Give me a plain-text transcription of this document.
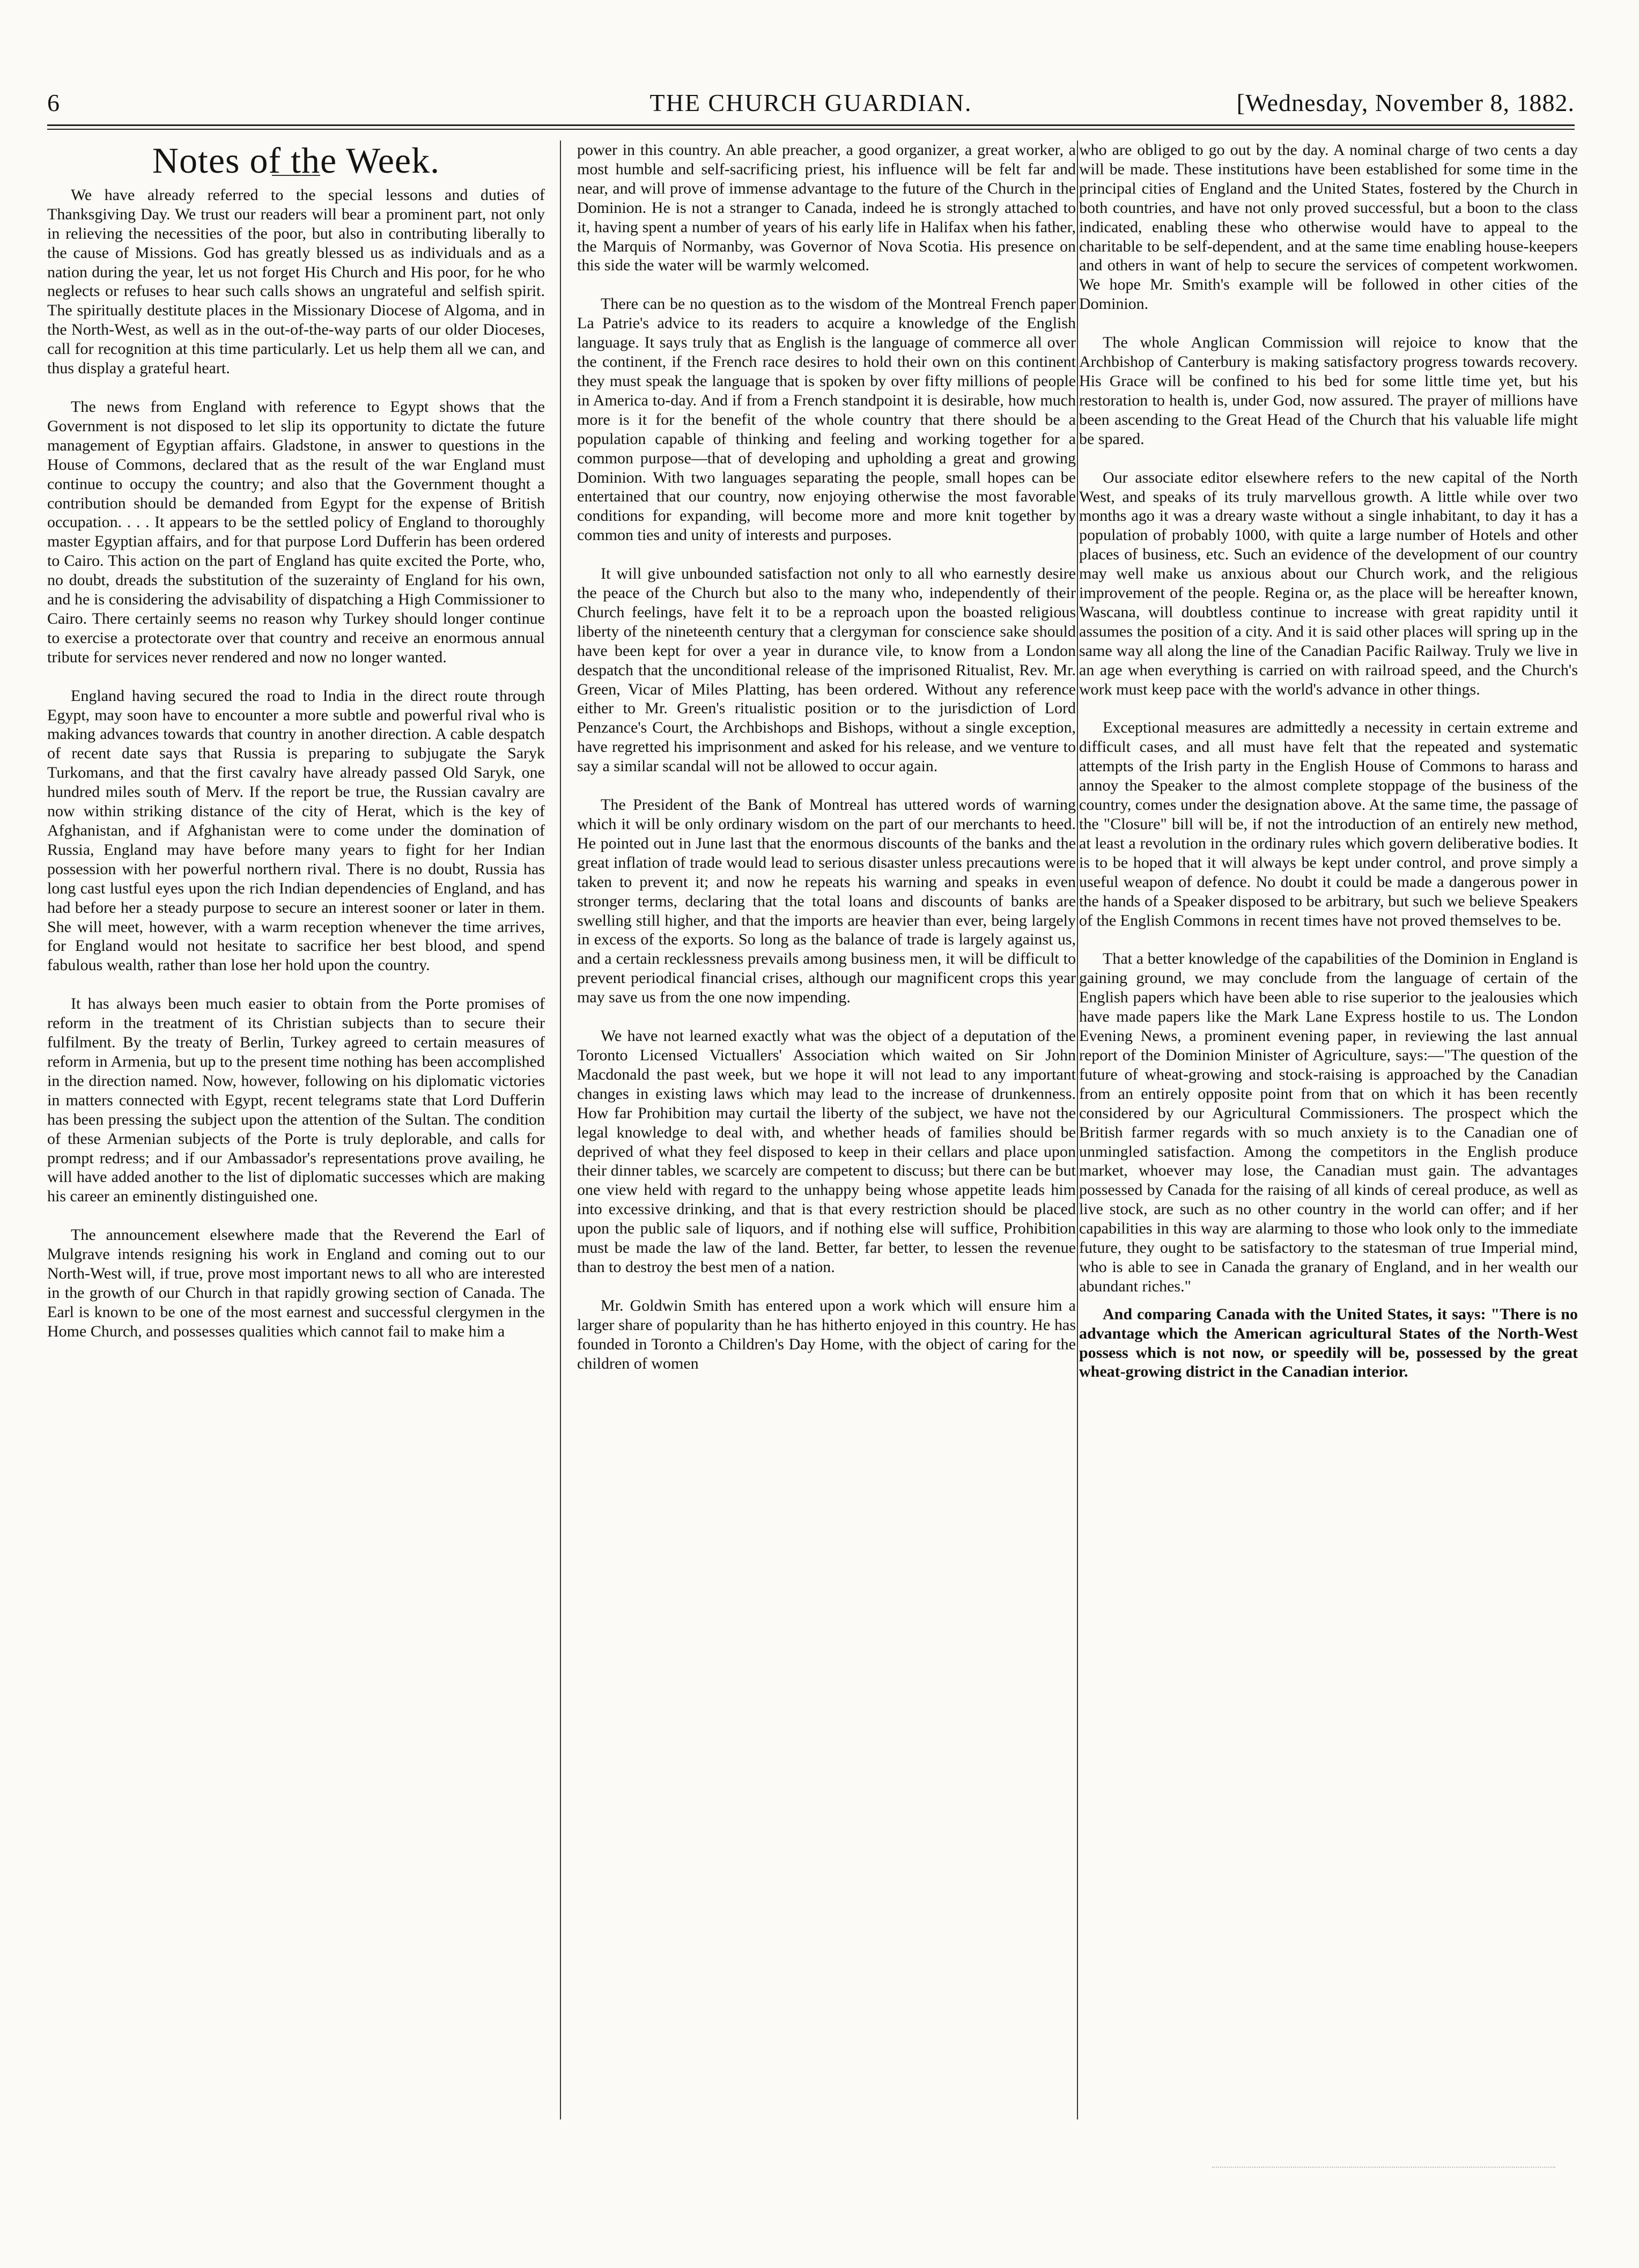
6	THE CHURCH GUARDIAN.	[Wednesday, November 8, 1882.
Notes of the Week.

We have already referred to the special lessons and duties of Thanksgiving Day. We trust our readers will bear a prominent part, not only in relieving the necessities of the poor, but also in contributing liberally to the cause of Missions. God has greatly blessed us as individuals and as a nation during the year, let us not forget His Church and His poor, for he who neglects or refuses to hear such calls shows an ungrateful and selfish spirit. The spiritually destitute places in the Missionary Diocese of Algoma, and in the North-West, as well as in the out-of-the-way parts of our older Dioceses, call for recognition at this time particularly. Let us help them all we can, and thus display a grateful heart.

The news from England with reference to Egypt shows that the Government is not disposed to let slip its opportunity to dictate the future management of Egyptian affairs. Gladstone, in answer to questions in the House of Commons, declared that as the result of the war England must continue to occupy the country; and also that the Government thought a contribution should be demanded from Egypt for the expense of British occupation. . . . It appears to be the settled policy of England to thoroughly master Egyptian affairs, and for that purpose Lord Dufferin has been ordered to Cairo. This action on the part of England has quite excited the Porte, who, no doubt, dreads the substitution of the suzerainty of England for his own, and he is considering the advisability of dispatching a High Commissioner to Cairo. There certainly seems no reason why Turkey should longer continue to exercise a protectorate over that country and receive an enormous annual tribute for services never rendered and now no longer wanted.

England having secured the road to India in the direct route through Egypt, may soon have to encounter a more subtle and powerful rival who is making advances towards that country in another direction. A cable despatch of recent date says that Russia is preparing to subjugate the Saryk Turkomans, and that the first cavalry have already passed Old Saryk, one hundred miles south of Merv. If the report be true, the Russian cavalry are now within striking distance of the city of Herat, which is the key of Afghanistan, and if Afghanistan were to come under the domination of Russia, England may have before many years to fight for her Indian possession with her powerful northern rival. There is no doubt, Russia has long cast lustful eyes upon the rich Indian dependencies of England, and has had before her a steady purpose to secure an interest sooner or later in them. She will meet, however, with a warm reception whenever the time arrives, for England would not hesitate to sacrifice her best blood, and spend fabulous wealth, rather than lose her hold upon the country.

It has always been much easier to obtain from the Porte promises of reform in the treatment of its Christian subjects than to secure their fulfilment. By the treaty of Berlin, Turkey agreed to certain measures of reform in Armenia, but up to the present time nothing has been accomplished in the direction named. Now, however, following on his diplomatic victories in matters connected with Egypt, recent telegrams state that Lord Dufferin has been pressing the subject upon the attention of the Sultan. The condition of these Armenian subjects of the Porte is truly deplorable, and calls for prompt redress; and if our Ambassador's representations prove availing, he will have added another to the list of diplomatic successes which are making his career an eminently distinguished one.

The announcement elsewhere made that the Reverend the Earl of Mulgrave intends resigning his work in England and coming out to our North-West will, if true, prove most important news to all who are interested in the growth of our Church in that rapidly growing section of Canada. The Earl is known to be one of the most earnest and successful clergymen in the Home Church, and possesses qualities which cannot fail to make him a

power in this country. An able preacher, a good organizer, a great worker, a most humble and self-sacrificing priest, his influence will be felt far and near, and will prove of immense advantage to the future of the Church in the Dominion. He is not a stranger to Canada, indeed he is strongly attached to it, having spent a number of years of his early life in Halifax when his father, the Marquis of Normanby, was Governor of Nova Scotia. His presence on this side the water will be warmly welcomed.

There can be no question as to the wisdom of the Montreal French paper La Patrie's advice to its readers to acquire a knowledge of the English language. It says truly that as English is the language of commerce all over the continent, if the French race desires to hold their own on this continent they must speak the language that is spoken by over fifty millions of people in America to-day. And if from a French standpoint it is desirable, how much more is it for the benefit of the whole country that there should be a population capable of thinking and feeling and working together for a common purpose—that of developing and upholding a great and growing Dominion. With two languages separating the people, small hopes can be entertained that our country, now enjoying otherwise the most favorable conditions for expanding, will become more and more knit together by common ties and unity of interests and purposes.

It will give unbounded satisfaction not only to all who earnestly desire the peace of the Church but also to the many who, independently of their Church feelings, have felt it to be a reproach upon the boasted religious liberty of the nineteenth century that a clergyman for conscience sake should have been kept for over a year in durance vile, to know from a London despatch that the unconditional release of the imprisoned Ritualist, Rev. Mr. Green, Vicar of Miles Platting, has been ordered. Without any reference either to Mr. Green's ritualistic position or to the jurisdiction of Lord Penzance's Court, the Archbishops and Bishops, without a single exception, have regretted his imprisonment and asked for his release, and we venture to say a similar scandal will not be allowed to occur again.

The President of the Bank of Montreal has uttered words of warning which it will be only ordinary wisdom on the part of our merchants to heed. He pointed out in June last that the enormous discounts of the banks and the great inflation of trade would lead to serious disaster unless precautions were taken to prevent it; and now he repeats his warning and speaks in even stronger terms, declaring that the total loans and discounts of banks are swelling still higher, and that the imports are heavier than ever, being largely in excess of the exports. So long as the balance of trade is largely against us, and a certain recklessness prevails among business men, it will be difficult to prevent periodical financial crises, although our magnificent crops this year may save us from the one now impending.

We have not learned exactly what was the object of a deputation of the Toronto Licensed Victuallers' Association which waited on Sir John Macdonald the past week, but we hope it will not lead to any important changes in existing laws which may lead to the increase of drunkenness. How far Prohibition may curtail the liberty of the subject, we have not the legal knowledge to deal with, and whether heads of families should be deprived of what they feel disposed to keep in their cellars and place upon their dinner tables, we scarcely are competent to discuss; but there can be but one view held with regard to the unhappy being whose appetite leads him into excessive drinking, and that is that every restriction should be placed upon the public sale of liquors, and if nothing else will suffice, Prohibition must be made the law of the land. Better, far better, to lessen the revenue than to destroy the best men of a nation.

Mr. Goldwin Smith has entered upon a work which will ensure him a larger share of popularity than he has hitherto enjoyed in this country. He has founded in Toronto a Children's Day Home, with the object of caring for the children of women

who are obliged to go out by the day. A nominal charge of two cents a day will be made. These institutions have been established for some time in the principal cities of England and the United States, fostered by the Church in both countries, and have not only proved successful, but a boon to the class indicated, enabling these who otherwise would have to appeal to the charitable to be self-dependent, and at the same time enabling house-keepers and others in want of help to secure the services of competent workwomen. We hope Mr. Smith's example will be followed in other cities of the Dominion.

The whole Anglican Commission will rejoice to know that the Archbishop of Canterbury is making satisfactory progress towards recovery. His Grace will be confined to his bed for some little time yet, but his restoration to health is, under God, now assured. The prayer of millions have been ascending to the Great Head of the Church that his valuable life might be spared.

Our associate editor elsewhere refers to the new capital of the North West, and speaks of its truly marvellous growth. A little while over two months ago it was a dreary waste without a single inhabitant, to day it has a population of probably 1000, with quite a large number of Hotels and other places of business, etc. Such an evidence of the development of our country may well make us anxious about our Church work, and the religious improvement of the people. Regina or, as the place will be hereafter known, Wascana, will doubtless continue to increase with great rapidity until it assumes the position of a city. And it is said other places will spring up in the same way all along the line of the Canadian Pacific Railway. Truly we live in an age when everything is carried on with railroad speed, and the Church's work must keep pace with the world's advance in other things.

Exceptional measures are admittedly a necessity in certain extreme and difficult cases, and all must have felt that the repeated and systematic attempts of the Irish party in the English House of Commons to harass and annoy the Speaker to the almost complete stoppage of the business of the country, comes under the designation above. At the same time, the passage of the "Closure" bill will be, if not the introduction of an entirely new method, at least a revolution in the ordinary rules which govern deliberative bodies. It is to be hoped that it will always be kept under control, and prove simply a useful weapon of defence. No doubt it could be made a dangerous power in the hands of a Speaker disposed to be arbitrary, but such we believe Speakers of the English Commons in recent times have not proved themselves to be.

That a better knowledge of the capabilities of the Dominion in England is gaining ground, we may conclude from the language of certain of the English papers which have been able to rise superior to the jealousies which have made papers like the Mark Lane Express hostile to us. The London Evening News, a prominent evening paper, in reviewing the last annual report of the Dominion Minister of Agriculture, says:—"The question of the future of wheat-growing and stock-raising is approached by the Canadian from an entirely opposite point from that on which it has been recently considered by our Agricultural Commissioners. The prospect which the British farmer regards with so much anxiety is to the Canadian one of unmingled satisfaction. Among the competitors in the English produce market, whoever may lose, the Canadian must gain. The advantages possessed by Canada for the raising of all kinds of cereal produce, as well as live stock, are such as no other country in the world can offer; and if her capabilities in this way are alarming to those who look only to the immediate future, they ought to be satisfactory to the statesman of true Imperial mind, who is able to see in Canada the granary of England, and in her wealth our abundant riches."

And comparing Canada with the United States, it says: "There is no advantage which the American agricultural States of the North-West possess which is not now, or speedily will be, possessed by the great wheat-growing district in the Canadian interior.
